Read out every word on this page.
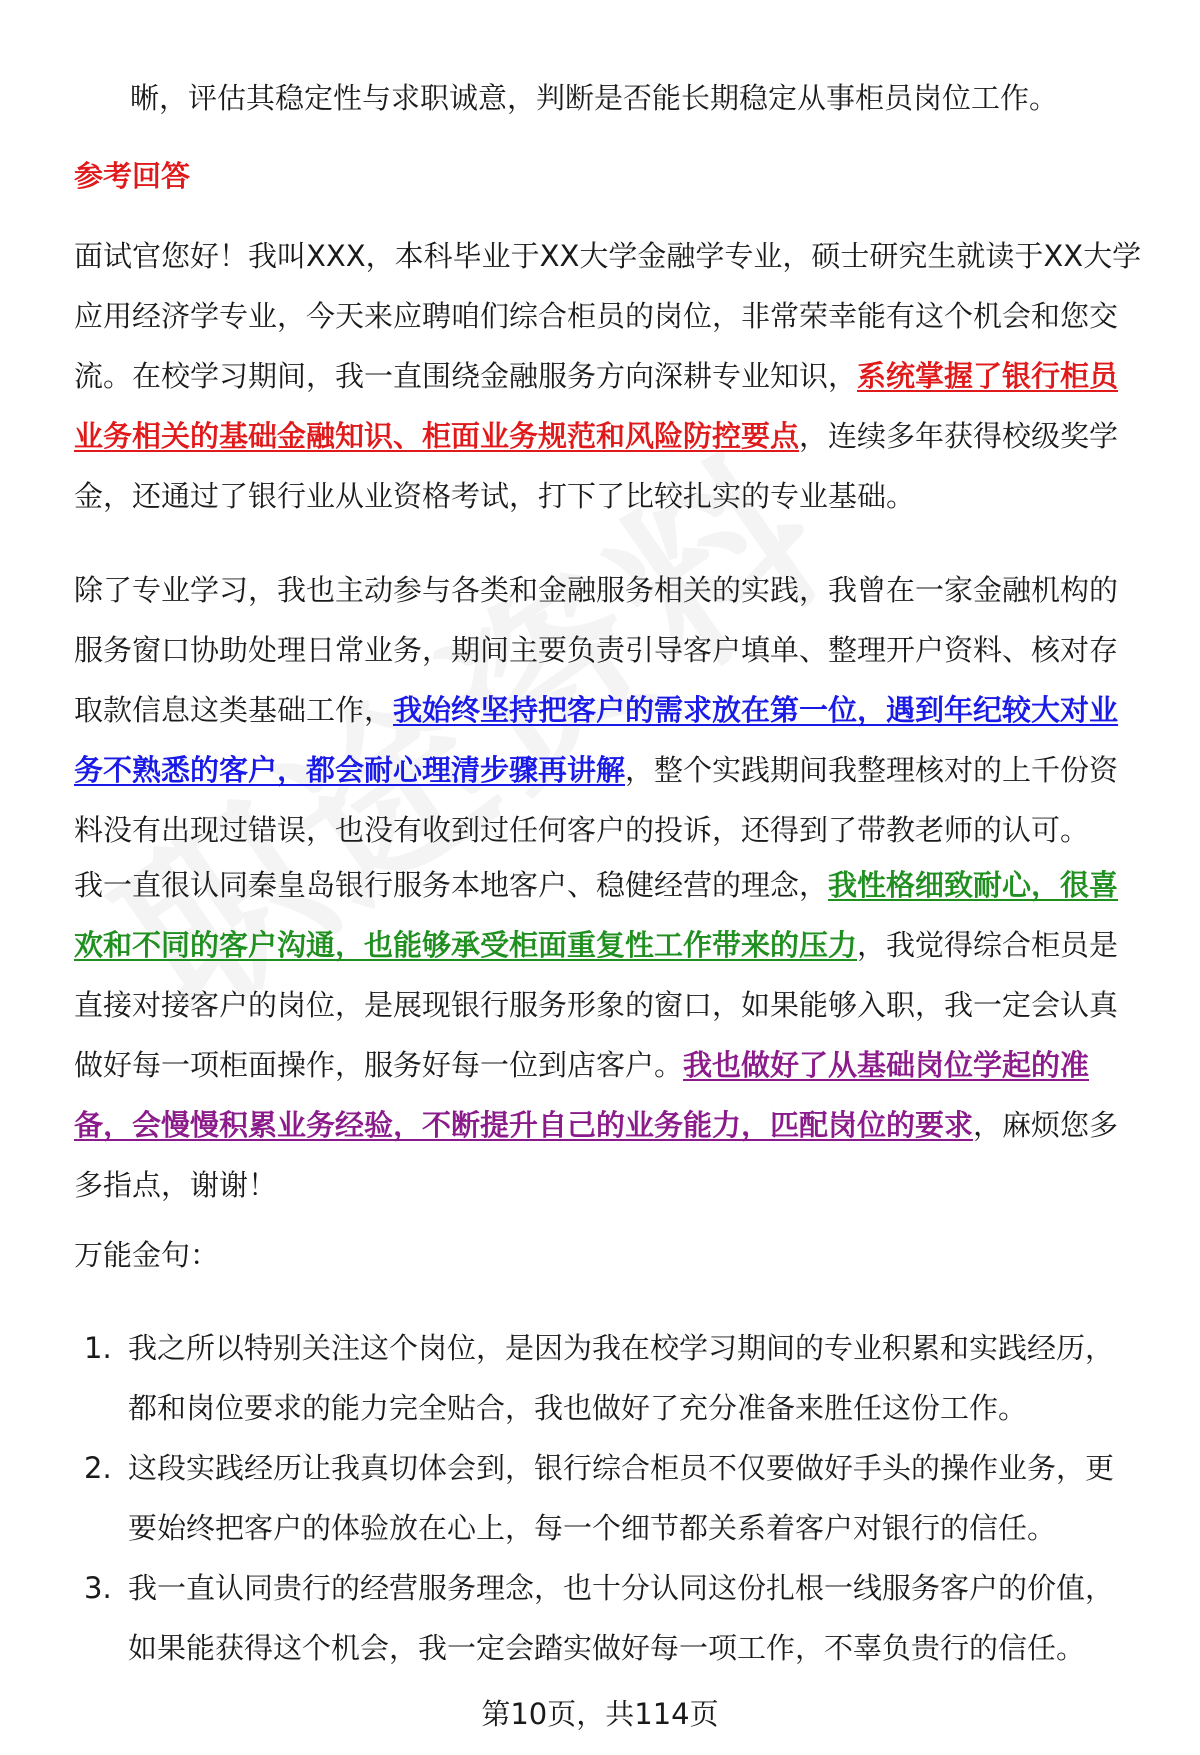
晰，评估其稳定性与求职诚意，判断是否能长期稳定从事柜员岗位工作。
参考回答
面试官您好！我叫XXX，本科毕业于XX大学金融学专业，硕士研究生就读于XX大学应用经济学专业，今天来应聘咱们综合柜员的岗位，非常荣幸能有这个机会和您交流。在校学习期间，我一直围绕金融服务方向深耕专业知识，系统掌握了银行柜员业务相关的基础金融知识、柜面业务规范和风险防控要点，连续多年获得校级奖学金，还通过了银行业从业资格考试，打下了比较扎实的专业基础。
除了专业学习，我也主动参与各类和金融服务相关的实践，我曾在一家金融机构的服务窗口协助处理日常业务，期间主要负责引导客户填单、整理开户资料、核对存取款信息这类基础工作，我始终坚持把客户的需求放在第一位，遇到年纪较大对业务不熟悉的客户，都会耐心理清步骤再讲解，整个实践期间我整理核对的上千份资料没有出现过错误，也没有收到过任何客户的投诉，还得到了带教老师的认可。
我一直很认同秦皇岛银行服务本地客户、稳健经营的理念，我性格细致耐心，很喜欢和不同的客户沟通，也能够承受柜面重复性工作带来的压力，我觉得综合柜员是直接对接客户的岗位，是展现银行服务形象的窗口，如果能够入职，我一定会认真做好每一项柜面操作，服务好每一位到店客户。我也做好了从基础岗位学起的准备，会慢慢积累业务经验，不断提升自己的业务能力，匹配岗位的要求，麻烦您多多指点，谢谢！
万能金句：
1. 我之所以特别关注这个岗位，是因为我在校学习期间的专业积累和实践经历，都和岗位要求的能力完全贴合，我也做好了充分准备来胜任这份工作。
2. 这段实践经历让我真切体会到，银行综合柜员不仅要做好手头的操作业务，更要始终把客户的体验放在心上，每一个细节都关系着客户对银行的信任。
3. 我一直认同贵行的经营服务理念，也十分认同这份扎根一线服务客户的价值，如果能获得这个机会，我一定会踏实做好每一项工作，不辜负贵行的信任。
第10页，共114页
